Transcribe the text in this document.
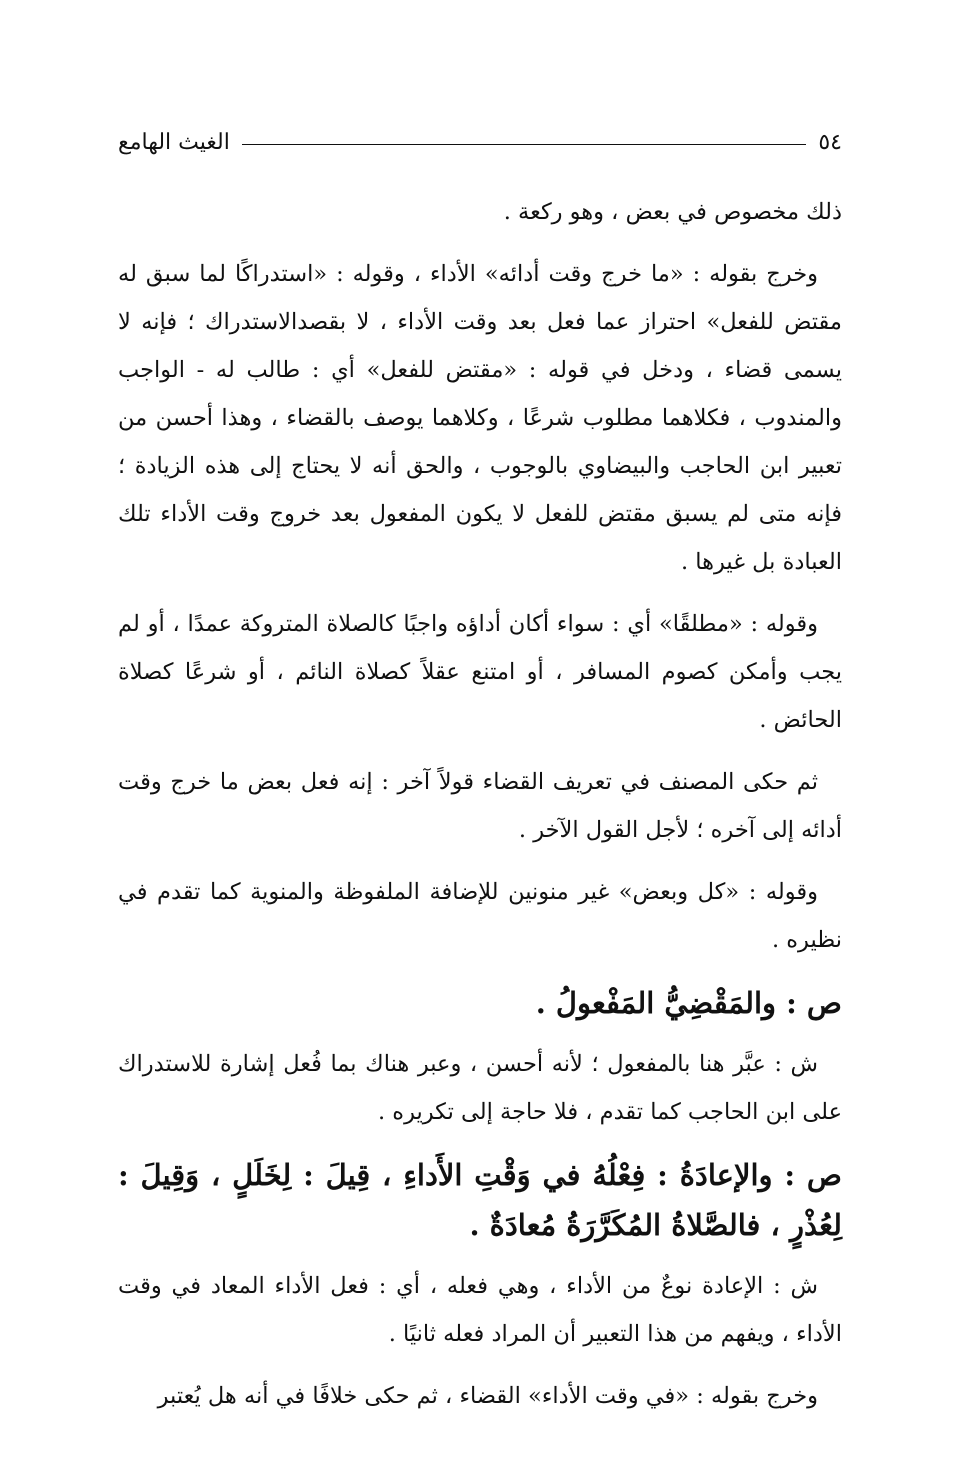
٥٤
الغيث الهامع

ذلك مخصوص في بعض ، وهو ركعة .

وخرج بقوله : «ما خرج وقت أدائه» الأداء ، وقوله : «استدراكًا لما سبق له مقتض للفعل» احتراز عما فعل بعد وقت الأداء ، لا بقصدالاستدراك ؛ فإنه لا يسمى قضاء ، ودخل في قوله : «مقتض للفعل» أي : طالب له - الواجب والمندوب ، فكلاهما مطلوب شرعًا ، وكلاهما يوصف بالقضاء ، وهذا أحسن من تعبير ابن الحاجب والبيضاوي بالوجوب ، والحق أنه لا يحتاج إلى هذه الزيادة ؛ فإنه متى لم يسبق مقتض للفعل لا يكون المفعول بعد خروج وقت الأداء تلك العبادة بل غيرها .

وقوله : «مطلقًا» أي : سواء أكان أداؤه واجبًا كالصلاة المتروكة عمدًا ، أو لم يجب وأمكن كصوم المسافر ، أو امتنع عقلاً كصلاة النائم ، أو شرعًا كصلاة الحائض .

ثم حكى المصنف في تعريف القضاء قولاً آخر : إنه فعل بعض ما خرج وقت أدائه إلى آخره ؛ لأجل القول الآخر .

وقوله : «كل وبعض» غير منونين للإضافة الملفوظة والمنوية كما تقدم في نظيره .

ص : والمَقْضِيُّ المَفْعولُ .

ش : عبَّر هنا بالمفعول ؛ لأنه أحسن ، وعبر هناك بما فُعل إشارة للاستدراك على ابن الحاجب كما تقدم ، فلا حاجة إلى تكريره .

ص : والإعادَةُ : فِعْلُهُ في وَقْتِ الأَداءِ ، قِيلَ : لِخَلَلٍ ، وَقِيلَ : لِعُذْرٍ ، فالصَّلاةُ المُكَرَّرَةُ مُعادَةٌ .

ش : الإعادة نوعٌ من الأداء ، وهي فعله ، أي : فعل الأداء المعاد في وقت الأداء ، ويفهم من هذا التعبير أن المراد فعله ثانيًا .

وخرج بقوله : «في وقت الأداء» القضاء ، ثم حكى خلافًا في أنه هل يُعتبر
